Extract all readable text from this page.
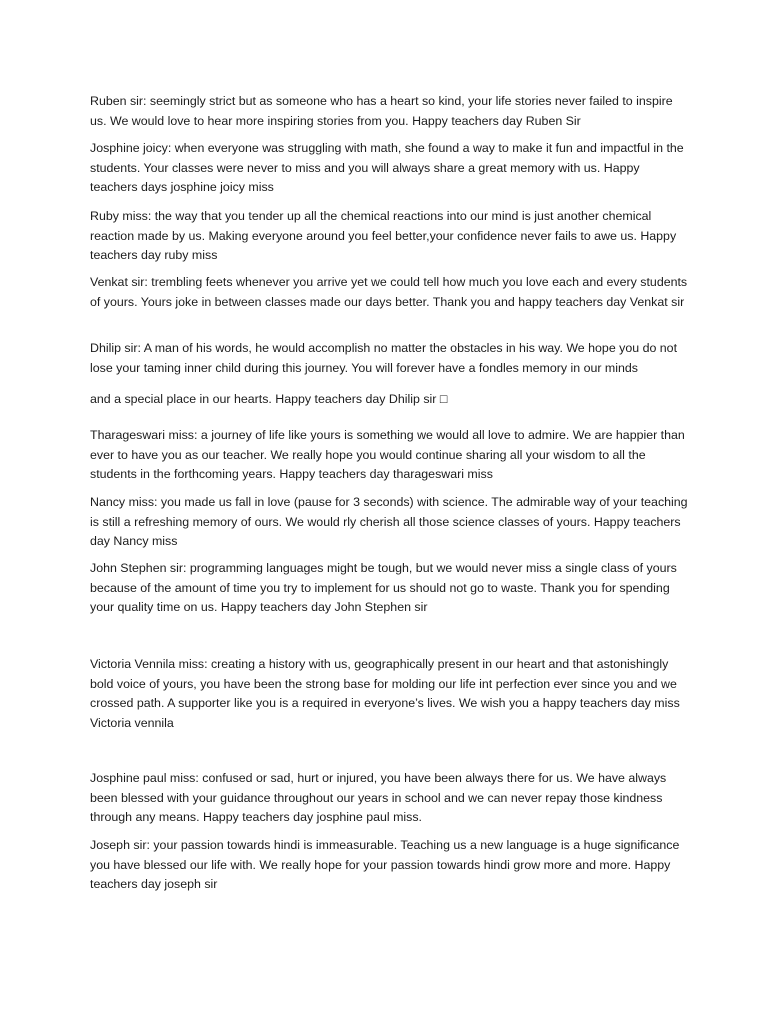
Ruben sir: seemingly strict but as someone who has a heart so kind, your life stories never failed to inspire us. We would love to hear more inspiring stories from you. Happy teachers day Ruben Sir

Josphine joicy: when everyone was struggling with math, she found a way to make it fun and impactful in the students. Your classes were never to miss and you will always share a great memory with us. Happy teachers days josphine joicy miss

Ruby miss: the way that you tender up all the chemical reactions into our mind is just another chemical reaction made by us. Making everyone around you feel better,your confidence never fails to awe us. Happy teachers day ruby miss

Venkat sir: trembling feets whenever you arrive yet we could tell how much you love each and every students of yours. Yours joke in between classes made our days better. Thank you and happy teachers day Venkat sir

Dhilip sir: A man of his words, he would accomplish no matter the obstacles in his way. We hope you do not lose your taming inner child during this journey. You will forever have a fondles memory in our minds

and a special place in our hearts. Happy teachers day Dhilip sir □

Tharageswari miss: a journey of life like yours is something we would all love to admire. We are happier than ever to have you as our teacher. We really hope you would continue sharing all your wisdom to all the students in the forthcoming years. Happy teachers day tharageswari miss

Nancy miss: you made us fall in love (pause for 3 seconds) with science. The admirable way of your teaching is still a refreshing memory of ours. We would rly cherish all those science classes of yours. Happy teachers day Nancy miss

John Stephen sir: programming languages might be tough, but we would never miss a single class of yours because of the amount of time you try to implement for us should not go to waste. Thank you for spending your quality time on us. Happy teachers day John Stephen sir

Victoria Vennila miss: creating a history with us, geographically present in our heart and that astonishingly bold voice of yours, you have been the strong base for molding our life int perfection ever since you and we crossed path. A supporter like you is a required in everyone’s lives. We wish you a happy teachers day miss Victoria vennila

Josphine paul miss: confused or sad, hurt or injured, you have been always there for us. We have always been blessed with your guidance throughout our years in school and we can never repay those kindness through any means. Happy teachers day josphine paul miss.

Joseph sir: your passion towards hindi is immeasurable. Teaching us a new language is a huge significance you have blessed our life with. We really hope for your passion towards hindi grow more and more. Happy teachers day joseph sir
